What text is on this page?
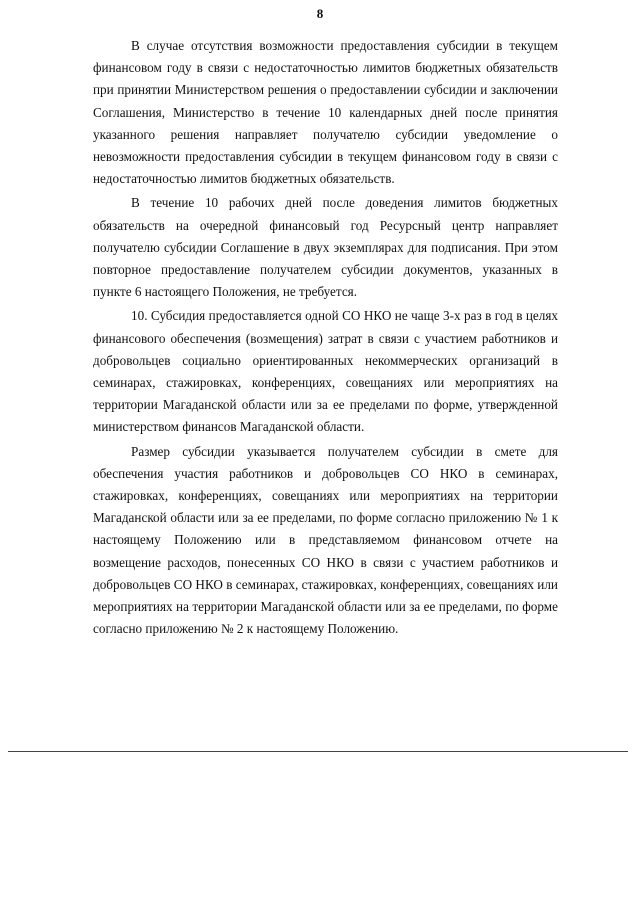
8

В случае отсутствия возможности предоставления субсидии в текущем финансовом году в связи с недостаточностью лимитов бюджетных обязательств при принятии Министерством решения о предоставлении субсидии и заключении Соглашения, Министерство в течение 10 календарных дней после принятия указанного решения направляет получателю субсидии уведомление о невозможности предоставления субсидии в текущем финансовом году в связи с недостаточностью лимитов бюджетных обязательств.

В течение 10 рабочих дней после доведения лимитов бюджетных обязательств на очередной финансовый год Ресурсный центр направляет получателю субсидии Соглашение в двух экземплярах для подписания. При этом повторное предоставление получателем субсидии документов, указанных в пункте 6 настоящего Положения, не требуется.

10. Субсидия предоставляется одной СО НКО не чаще 3-х раз в год в целях финансового обеспечения (возмещения) затрат в связи с участием работников и добровольцев социально ориентированных некоммерческих организаций в семинарах, стажировках, конференциях, совещаниях или мероприятиях на территории Магаданской области или за ее пределами по форме, утвержденной министерством финансов Магаданской области.

Размер субсидии указывается получателем субсидии в смете для обеспечения участия работников и добровольцев СО НКО в семинарах, стажировках, конференциях, совещаниях или мероприятиях на территории Магаданской области или за ее пределами, по форме согласно приложению № 1 к настоящему Положению или в представляемом финансовом отчете на возмещение расходов, понесенных СО НКО в связи с участием работников и добровольцев СО НКО в семинарах, стажировках, конференциях, совещаниях или мероприятиях на территории Магаданской области или за ее пределами, по форме согласно приложению № 2 к настоящему Положению.
